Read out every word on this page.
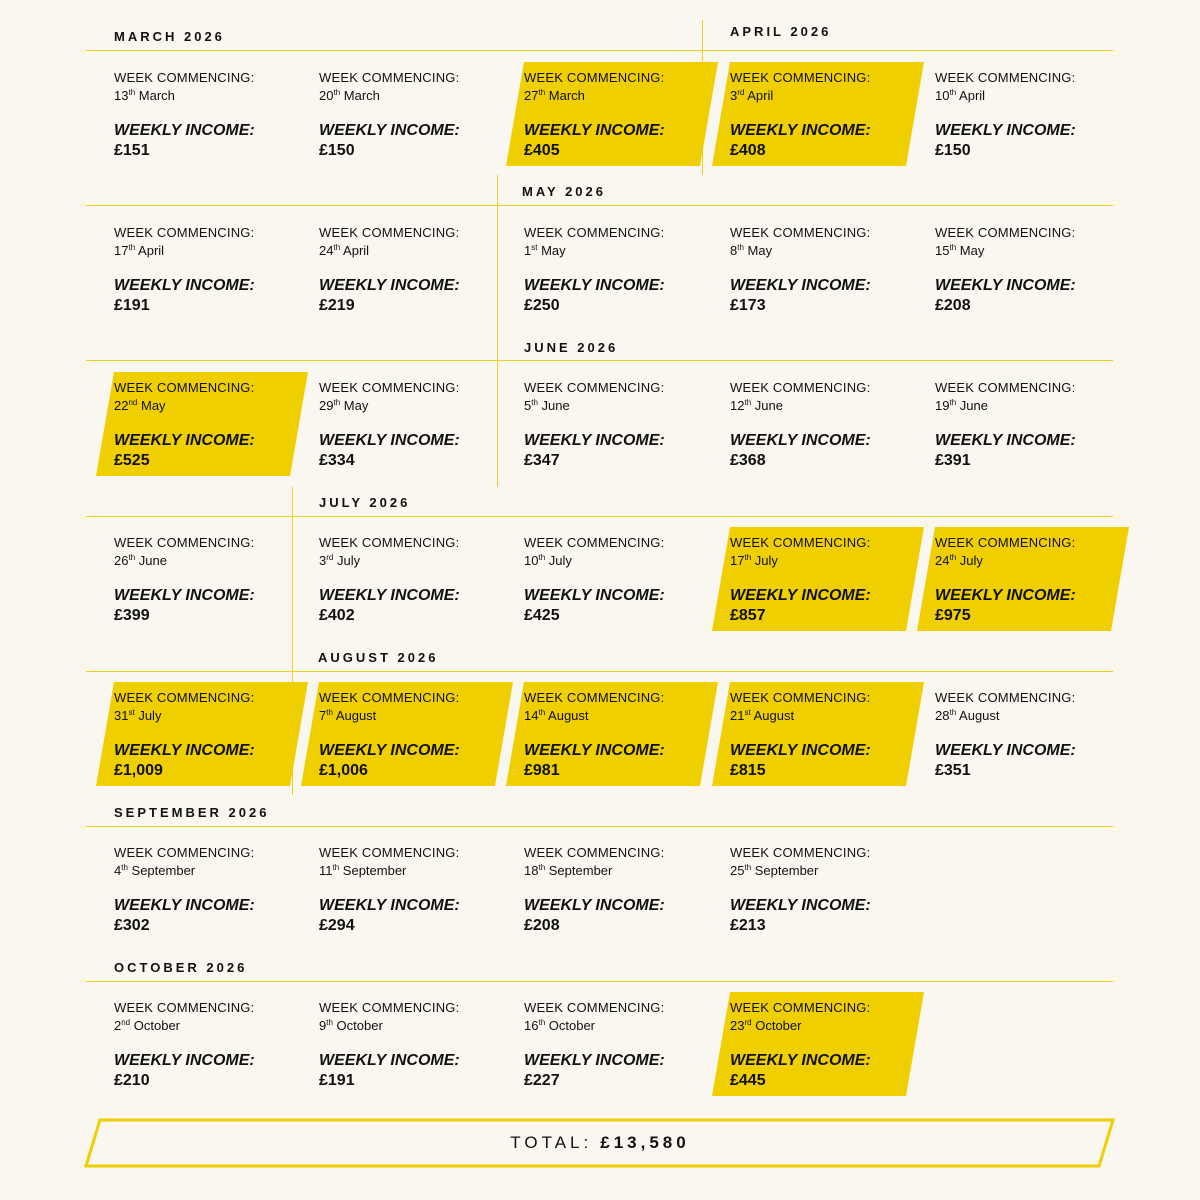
MARCH 2026	APRIL 2026
MAY 2026
JUNE 2026
JULY 2026
AUGUST 2026
SEPTEMBER 2026
OCTOBER 2026
WEEK COMMENCING:
13th March
WEEKLY INCOME:
£151
WEEK COMMENCING:
20th March
WEEKLY INCOME:
£150
WEEK COMMENCING:
27th March
WEEKLY INCOME:
£405
WEEK COMMENCING:
3rd April
WEEKLY INCOME:
£408
WEEK COMMENCING:
10th April
WEEKLY INCOME:
£150
WEEK COMMENCING:
17th April
WEEKLY INCOME:
£191
WEEK COMMENCING:
24th April
WEEKLY INCOME:
£219
WEEK COMMENCING:
1st May
WEEKLY INCOME:
£250
WEEK COMMENCING:
8th May
WEEKLY INCOME:
£173
WEEK COMMENCING:
15th May
WEEKLY INCOME:
£208
WEEK COMMENCING:
22nd May
WEEKLY INCOME:
£525
WEEK COMMENCING:
29th May
WEEKLY INCOME:
£334
WEEK COMMENCING:
5th June
WEEKLY INCOME:
£347
WEEK COMMENCING:
12th June
WEEKLY INCOME:
£368
WEEK COMMENCING:
19th June
WEEKLY INCOME:
£391
WEEK COMMENCING:
26th June
WEEKLY INCOME:
£399
WEEK COMMENCING:
3rd July
WEEKLY INCOME:
£402
WEEK COMMENCING:
10th July
WEEKLY INCOME:
£425
WEEK COMMENCING:
17th July
WEEKLY INCOME:
£857
WEEK COMMENCING:
24th July
WEEKLY INCOME:
£975
WEEK COMMENCING:
31st July
WEEKLY INCOME:
£1,009
WEEK COMMENCING:
7th August
WEEKLY INCOME:
£1,006
WEEK COMMENCING:
14th August
WEEKLY INCOME:
£981
WEEK COMMENCING:
21st August
WEEKLY INCOME:
£815
WEEK COMMENCING:
28th August
WEEKLY INCOME:
£351
WEEK COMMENCING:
4th September
WEEKLY INCOME:
£302
WEEK COMMENCING:
11th September
WEEKLY INCOME:
£294
WEEK COMMENCING:
18th September
WEEKLY INCOME:
£208
WEEK COMMENCING:
25th September
WEEKLY INCOME:
£213
WEEK COMMENCING:
2nd October
WEEKLY INCOME:
£210
WEEK COMMENCING:
9th October
WEEKLY INCOME:
£191
WEEK COMMENCING:
16th October
WEEKLY INCOME:
£227
WEEK COMMENCING:
23rd October
WEEKLY INCOME:
£445
TOTAL: £13,580
